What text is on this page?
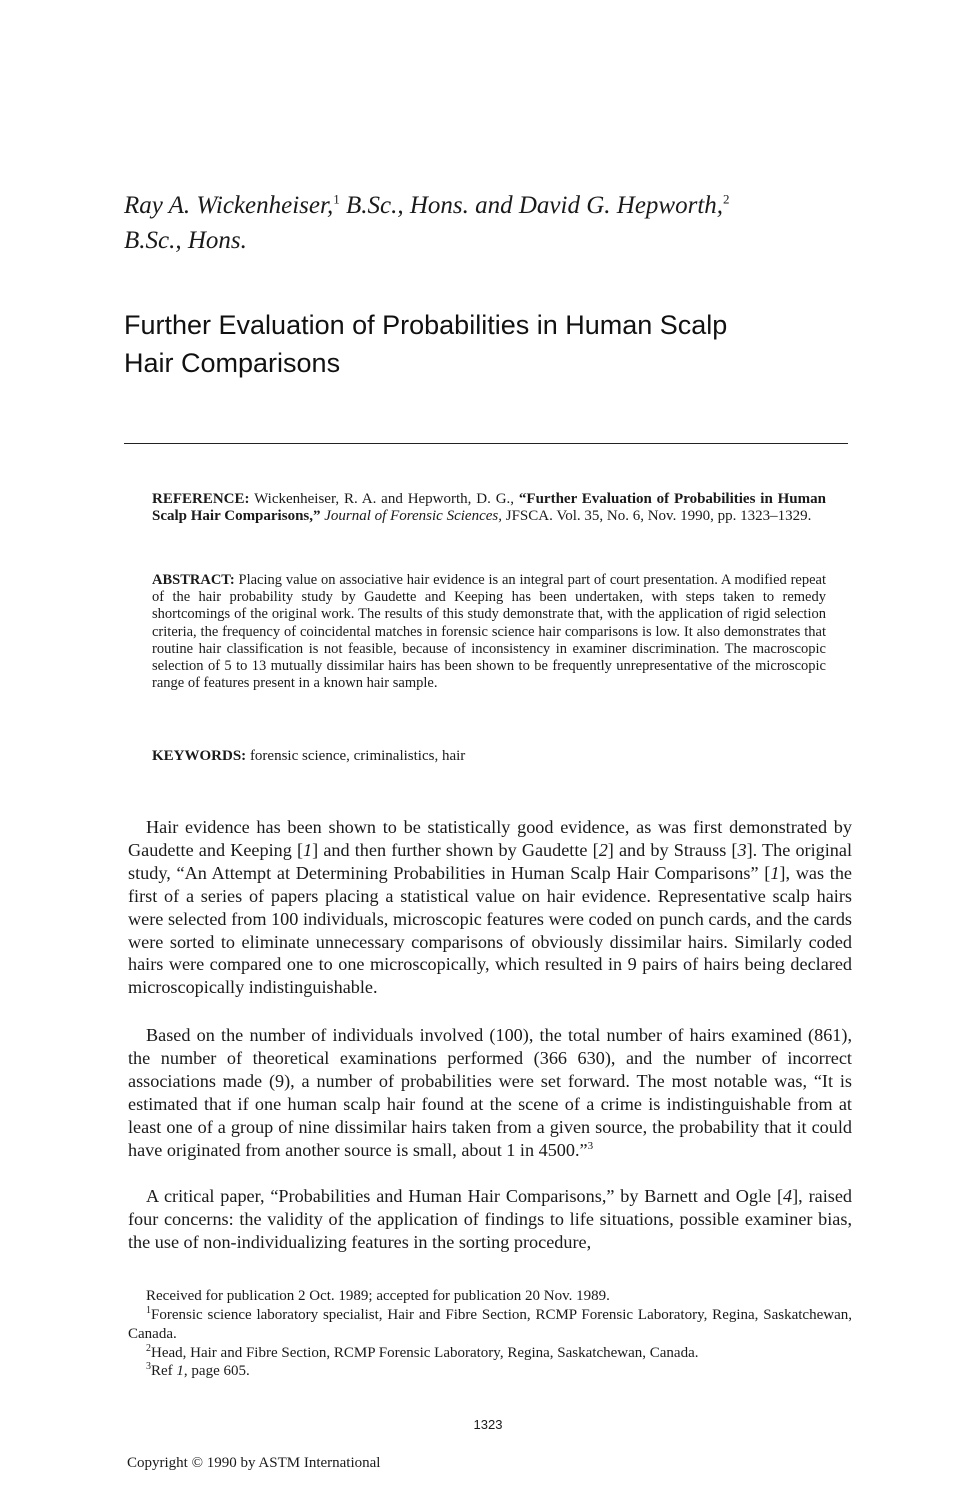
Ray A. Wickenheiser,$^1$ B.Sc., Hons. and David G. Hepworth,$^2$
B.Sc., Hons.
Further Evaluation of Probabilities in Human Scalp
Hair Comparisons

REFERENCE: Wickenheiser, R. A. and Hepworth, D. G., “Further Evaluation of Probabilities in Human Scalp Hair Comparisons,” Journal of Forensic Sciences, JFSCA. Vol. 35, No. 6, Nov. 1990, pp. 1323–1329.

ABSTRACT: Placing value on associative hair evidence is an integral part of court presentation. A modified repeat of the hair probability study by Gaudette and Keeping has been undertaken, with steps taken to remedy shortcomings of the original work. The results of this study demonstrate that, with the application of rigid selection criteria, the frequency of coincidental matches in forensic science hair comparisons is low. It also demonstrates that routine hair classification is not feasible, because of inconsistency in examiner discrimination. The macroscopic selection of 5 to 13 mutually dissimilar hairs has been shown to be frequently unrepresentative of the microscopic range of features present in a known hair sample.

KEYWORDS: forensic science, criminalistics, hair

Hair evidence has been shown to be statistically good evidence, as was first demonstrated by Gaudette and Keeping [1] and then further shown by Gaudette [2] and by Strauss [3]. The original study, “An Attempt at Determining Probabilities in Human Scalp Hair Comparisons” [1], was the first of a series of papers placing a statistical value on hair evidence. Representative scalp hairs were selected from 100 individuals, microscopic features were coded on punch cards, and the cards were sorted to eliminate unnecessary comparisons of obviously dissimilar hairs. Similarly coded hairs were compared one to one microscopically, which resulted in 9 pairs of hairs being declared microscopically indistinguishable.

Based on the number of individuals involved (100), the total number of hairs examined (861), the number of theoretical examinations performed (366 630), and the number of incorrect associations made (9), a number of probabilities were set forward. The most notable was, “It is estimated that if one human scalp hair found at the scene of a crime is indistinguishable from at least one of a group of nine dissimilar hairs taken from a given source, the probability that it could have originated from another source is small, about 1 in 4500.”$^3$

A critical paper, “Probabilities and Human Hair Comparisons,” by Barnett and Ogle [4], raised four concerns: the validity of the application of findings to life situations, possible examiner bias, the use of non-individualizing features in the sorting procedure,

Received for publication 2 Oct. 1989; accepted for publication 20 Nov. 1989.

$^1$Forensic science laboratory specialist, Hair and Fibre Section, RCMP Forensic Laboratory, Regina, Saskatchewan, Canada.

$^2$Head, Hair and Fibre Section, RCMP Forensic Laboratory, Regina, Saskatchewan, Canada.

$^3$Ref 1, page 605.

1323
Copyright © 1990 by ASTM International
